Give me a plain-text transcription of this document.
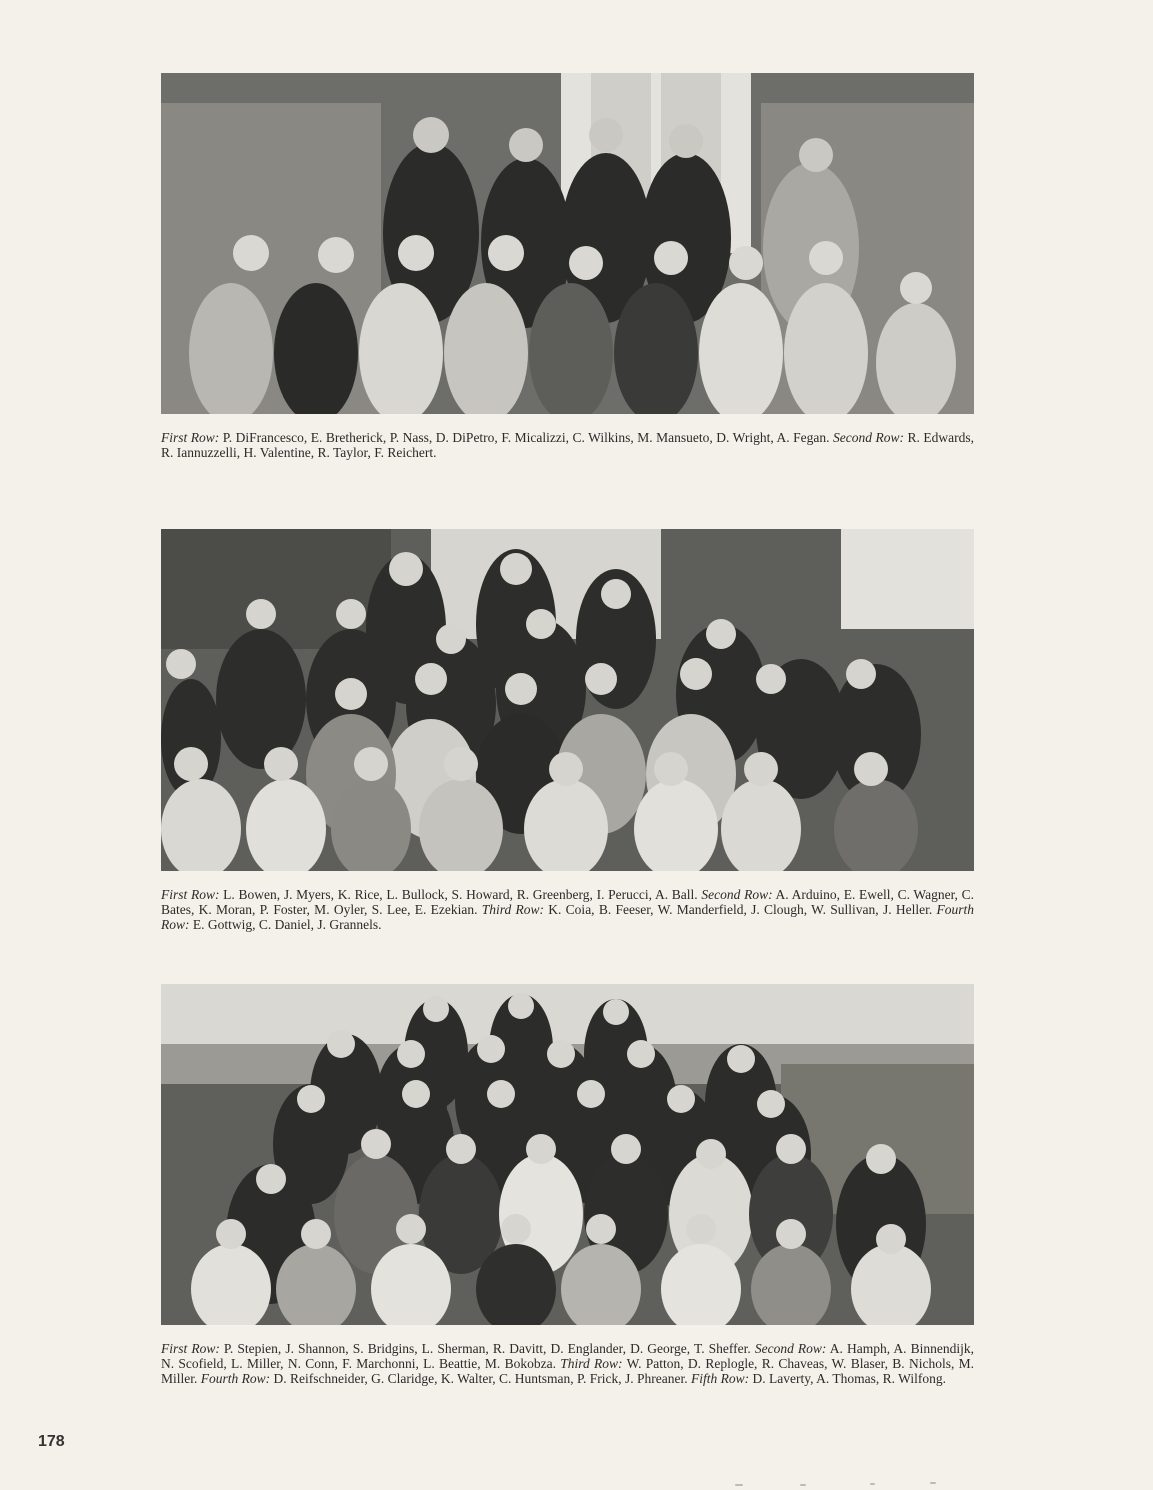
First Row: P. DiFrancesco, E. Bretherick, P. Nass, D. DiPetro, F. Micalizzi, C. Wilkins, M. Mansueto, D. Wright, A. Fegan. Second Row: R. Edwards, R. Iannuzzelli, H. Valentine, R. Taylor, F. Reichert.
First Row: L. Bowen, J. Myers, K. Rice, L. Bullock, S. Howard, R. Greenberg, I. Perucci, A. Ball. Second Row: A. Arduino, E. Ewell, C. Wagner, C. Bates, K. Moran, P. Foster, M. Oyler, S. Lee, E. Ezekian. Third Row: K. Coia, B. Feeser, W. Manderfield, J. Clough, W. Sullivan, J. Heller. Fourth Row: E. Gottwig, C. Daniel, J. Grannels.
First Row: P. Stepien, J. Shannon, S. Bridgins, L. Sherman, R. Davitt, D. Englander, D. George, T. Sheffer. Second Row: A. Hamph, A. Binnendijk, N. Scofield, L. Miller, N. Conn, F. Marchonni, L. Beattie, M. Bokobza. Third Row: W. Patton, D. Replogle, R. Chaveas, W. Blaser, B. Nichols, M. Miller. Fourth Row: D. Reifschneider, G. Claridge, K. Walter, C. Huntsman, P. Frick, J. Phreaner. Fifth Row: D. Laverty, A. Thomas, R. Wilfong.
178
